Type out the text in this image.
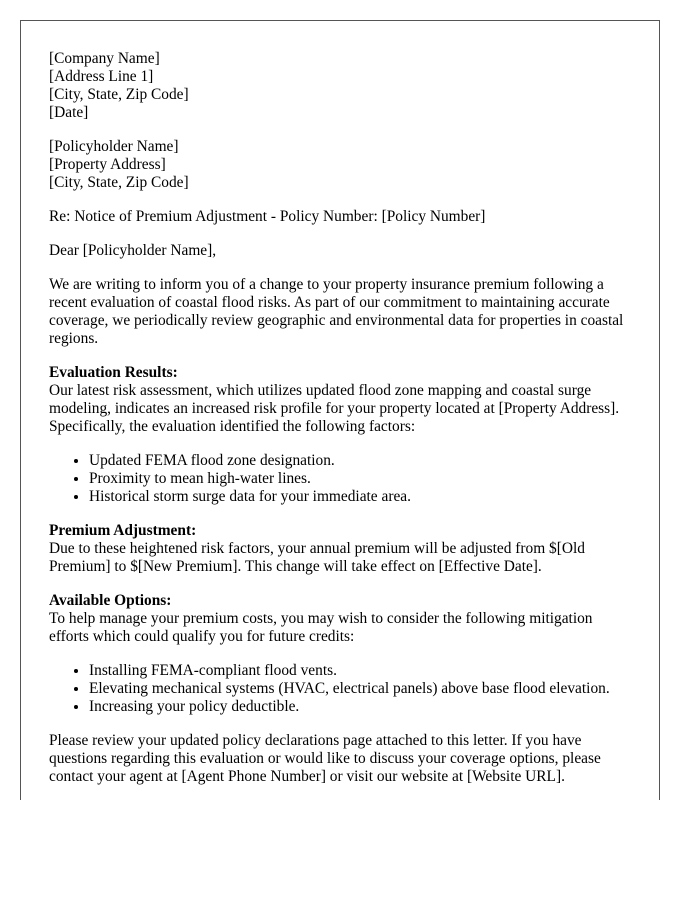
[Company Name]
[Address Line 1]
[City, State, Zip Code]
[Date]
[Policyholder Name]
[Property Address]
[City, State, Zip Code]

Re: Notice of Premium Adjustment - Policy Number: [Policy Number]

Dear [Policyholder Name],

We are writing to inform you of a change to your property insurance premium following a recent evaluation of coastal flood risks. As part of our commitment to maintaining accurate coverage, we periodically review geographic and environmental data for properties in coastal regions.

Evaluation Results:
Our latest risk assessment, which utilizes updated flood zone mapping and coastal surge modeling, indicates an increased risk profile for your property located at [Property Address]. Specifically, the evaluation identified the following factors:
• Updated FEMA flood zone designation.
• Proximity to mean high-water lines.
• Historical storm surge data for your immediate area.
Premium Adjustment:
Due to these heightened risk factors, your annual premium will be adjusted from $[Old Premium] to $[New Premium]. This change will take effect on [Effective Date].
Available Options:
To help manage your premium costs, you may wish to consider the following mitigation efforts which could qualify you for future credits:
• Installing FEMA-compliant flood vents.
• Elevating mechanical systems (HVAC, electrical panels) above base flood elevation.
• Increasing your policy deductible.

Please review your updated policy declarations page attached to this letter. If you have questions regarding this evaluation or would like to discuss your coverage options, please contact your agent at [Agent Phone Number] or visit our website at [Website URL].
